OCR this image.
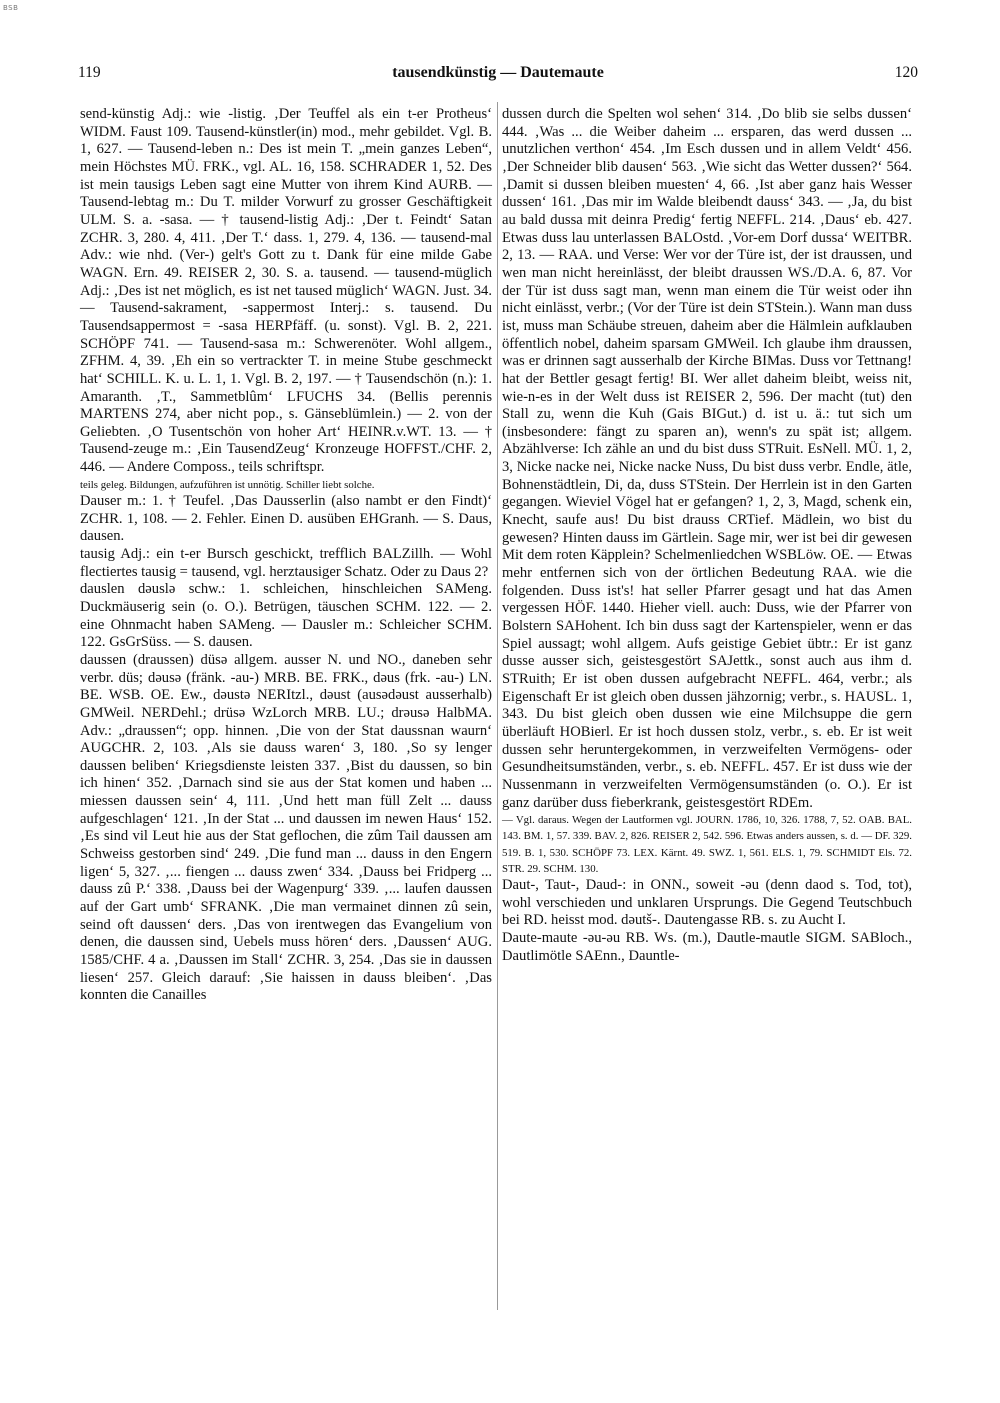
BSB
119	tausendkünstig — Dautemaute	120

send-künstig Adj.: wie -listig. ‚Der Teuffel als ein t-er Protheus‘ WIDM. Faust 109. Tausend-künstler(in) mod., mehr gebildet. Vgl. B. 1, 627. — Tausend-leben n.: Des ist mein T. „mein ganzes Leben“, mein Höchstes MÜ. FRK., vgl. AL. 16, 158. SCHRADER 1, 52. Des ist mein tausigs Leben sagt eine Mutter von ihrem Kind AURB. — Tausend-lebtag m.: Du T. milder Vorwurf zu grosser Geschäftigkeit ULM. S. a. -sasa. — † tausend-listig Adj.: ‚Der t. Feindt‘ Satan ZCHR. 3, 280. 4, 411. ‚Der T.‘ dass. 1, 279. 4, 136. — tausend-mal Adv.: wie nhd. (Ver-) gelt's Gott zu t. Dank für eine milde Gabe WAGN. Ern. 49. REISER 2, 30. S. a. tausend. — tausend-müglich Adj.: ‚Des ist net möglich, es ist net taused müglich‘ WAGN. Just. 34. — Tausend-sakrament, -sappermost Interj.: s. tausend. Du Tausendsappermost = -sasa HERPfäff. (u. sonst). Vgl. B. 2, 221. SCHÖPF 741. — Tausend-sasa m.: Schwerenöter. Wohl allgem., ZFHM. 4, 39. ‚Eh ein so vertrackter T. in meine Stube geschmeckt hat‘ SCHILL. K. u. L. 1, 1. Vgl. B. 2, 197. — † Tausendschön (n.): 1. Amaranth. ‚T., Sammetblûm‘ LFUCHS 34. (Bellis perennis MARTENS 274, aber nicht pop., s. Gänseblümlein.) — 2. von der Geliebten. ‚O Tusentschön von hoher Art‘ HEINR.v.WT. 13. — † Tausend-zeuge m.: ‚Ein TausendZeug‘ Kronzeuge HOFFST./CHF. 2, 446. — Andere Composs., teils schriftspr.

teils geleg. Bildungen, aufzuführen ist unnötig. Schiller liebt solche.

Dauser m.: 1. † Teufel. ‚Das Dausserlin (also nambt er den Findt)‘ ZCHR. 1, 108. — 2. Fehler. Einen D. ausüben EHGranh. — S. Daus, dausen.

tausig Adj.: ein t-er Bursch geschickt, trefflich BALZillh. — Wohl flectiertes tausig = tausend, vgl. herztausiger Schatz. Oder zu Daus 2?

dauslen dəuslə schw.: 1. schleichen, hinschleichen SAMeng. Duckmäuserig sein (o. O.). Betrügen, täuschen SCHM. 122. — 2. eine Ohnmacht haben SAMeng. — Dausler m.: Schleicher SCHM. 122. GsGrSüss. — S. dausen.

daussen (draussen) düsə allgem. ausser N. und NO., daneben sehr verbr. düs; dəusə (fränk. -au-) MRB. BE. FRK., dəus (frk. -au-) LN. BE. WSB. OE. Ew., dəustə NERItzl., dəust (ausədəust ausserhalb) GMWeil. NERDehl.; drüsə WzLorch MRB. LU.; drəusə HalbMA. Adv.: „draussen“; opp. hinnen. ‚Die von der Stat daussnan waurn‘ AUGCHR. 2, 103. ‚Als sie dauss waren‘ 3, 180. ‚So sy lenger daussen beliben‘ Kriegsdienste leisten 337. ‚Bist du daussen, so bin ich hinen‘ 352. ‚Darnach sind sie aus der Stat komen und haben ... miessen daussen sein‘ 4, 111. ‚Und hett man füll Zelt ... dauss aufgeschlagen‘ 121. ‚In der Stat ... und daussen im newen Haus‘ 152. ‚Es sind vil Leut hie aus der Stat geflochen, die zûm Tail daussen am Schweiss gestorben sind‘ 249. ‚Die fund man ... dauss in den Engern ligen‘ 5, 327. ‚... fiengen ... dauss zwen‘ 334. ‚Dauss bei Fridperg ... dauss zû P.‘ 338. ‚Dauss bei der Wagenpurg‘ 339. ‚... laufen daussen auf der Gart umb‘ SFRANK. ‚Die man vermainet dinnen zû sein, seind oft daussen‘ ders. ‚Das von irentwegen das Evangelium von denen, die daussen sind, Uebels muss hören‘ ders. ‚Daussen‘ AUG. 1585/CHF. 4 a. ‚Daussen im Stall‘ ZCHR. 3, 254. ‚Das sie in daussen liesen‘ 257. Gleich darauf: ‚Sie haissen in dauss bleiben‘. ‚Das konnten die Canailles

dussen durch die Spelten wol sehen‘ 314. ‚Do blib sie selbs dussen‘ 444. ‚Was ... die Weiber daheim ... ersparen, das werd dussen ... unutzlichen verthon‘ 454. ‚Im Esch dussen und in allem Veldt‘ 456. ‚Der Schneider blib dausen‘ 563. ‚Wie sicht das Wetter dussen?‘ 564. ‚Damit si dussen bleiben muesten‘ 4, 66. ‚Ist aber ganz hais Wesser dussen‘ 161. ‚Das mir im Walde bleibendt dauss‘ 343. — ‚Ja, du bist au bald dussa mit deinra Predig‘ fertig NEFFL. 214. ‚Daus‘ eb. 427. Etwas duss lau unterlassen BALOstd. ‚Vor-em Dorf dussa‘ WEITBR. 2, 13. — RAA. und Verse: Wer vor der Türe ist, der ist draussen, und wen man nicht hereinlässt, der bleibt draussen WS./D.A. 6, 87. Vor der Tür ist duss sagt man, wenn man einem die Tür weist oder ihn nicht einlässt, verbr.; (Vor der Türe ist dein STStein.). Wann man duss ist, muss man Schäube streuen, daheim aber die Hälmlein aufklauben öffentlich nobel, daheim sparsam GMWeil. Ich glaube ihm draussen, was er drinnen sagt ausserhalb der Kirche BIMas. Duss vor Tettnang! hat der Bettler gesagt fertig! BI. Wer allet daheim bleibt, weiss nit, wie-n-es in der Welt duss ist REISER 2, 596. Der macht (tut) den Stall zu, wenn die Kuh (Gais BIGut.) d. ist u. ä.: tut sich um (insbesondere: fängt zu sparen an), wenn's zu spät ist; allgem. Abzählverse: Ich zähle an und du bist duss STRuit. EsNell. MÜ. 1, 2, 3, Nicke nacke nei, Nicke nacke Nuss, Du bist duss verbr. Endle, ätle, Bohnenstädtlein, Di, da, duss STStein. Der Herrlein ist in den Garten gegangen. Wieviel Vögel hat er gefangen? 1, 2, 3, Magd, schenk ein, Knecht, saufe aus! Du bist drauss CRTief. Mädlein, wo bist du gewesen? Hinten dauss im Gärtlein. Sage mir, wer ist bei dir gewesen Mit dem roten Käpplein? Schelmenliedchen WSBLöw. OE. — Etwas mehr entfernen sich von der örtlichen Bedeutung RAA. wie die folgenden. Duss ist's! hat seller Pfarrer gesagt und hat das Amen vergessen HÖF. 1440. Hieher viell. auch: Duss, wie der Pfarrer von Bolstern SAHohent. Ich bin duss sagt der Kartenspieler, wenn er das Spiel aussagt; wohl allgem. Aufs geistige Gebiet übtr.: Er ist ganz dusse ausser sich, geistesgestört SAJettk., sonst auch aus ihm d. STRuith; Er ist oben dussen aufgebracht NEFFL. 464, verbr.; als Eigenschaft Er ist gleich oben dussen jähzornig; verbr., s. HAUSL. 1, 343. Du bist gleich oben dussen wie eine Milchsuppe die gern überläuft HOBierl. Er ist hoch dussen stolz, verbr., s. eb. Er ist weit dussen sehr heruntergekommen, in verzweifelten Vermögens- oder Gesundheitsumständen, verbr., s. eb. NEFFL. 457. Er ist duss wie der Nussenmann in verzweifelten Vermögensumständen (o. O.). Er ist ganz darüber duss fieberkrank, geistesgestört RDEm.

— Vgl. daraus. Wegen der Lautformen vgl. JOURN. 1786, 10, 326. 1788, 7, 52. OAB. BAL. 143. BM. 1, 57. 339. BAV. 2, 826. REISER 2, 542. 596. Etwas anders aussen, s. d. — DF. 329. 519. B. 1, 530. SCHÖPF 73. LEX. Kärnt. 49. SWZ. 1, 561. ELS. 1, 79. SCHMIDT Els. 72. STR. 29. SCHM. 130.

Daut-, Taut-, Daud-: in ONN., soweit -əu (denn daod s. Tod, tot), wohl verschieden und unklaren Ursprungs. Die Gegend Teutschbuch bei RD. heisst mod. dəutš-. Dautengasse RB. s. zu Aucht I.

Daute-maute -əu-əu RB. Ws. (m.), Dautle-mautle SIGM. SABloch., Dautlimötle SAEnn., Dauntle-
